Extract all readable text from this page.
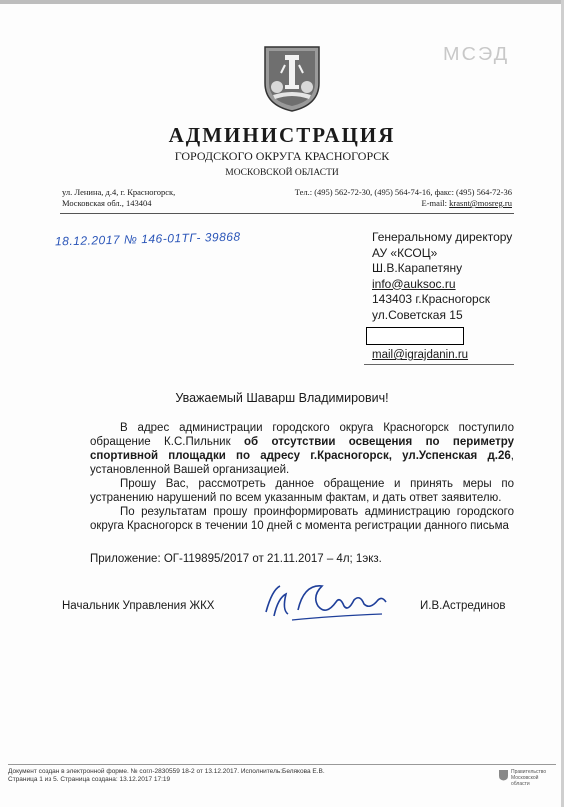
МСЭД
АДМИНИСТРАЦИЯ
ГОРОДСКОГО ОКРУГА КРАСНОГОРСК
МОСКОВСКОЙ ОБЛАСТИ
ул. Ленина, д.4, г. Красногорск,
Московская обл., 143404
Тел.: (495) 562-72-30, (495) 564-74-16, факс: (495) 564-72-36
E-mail: krasnt@mosreg.ru
18.12.2017 № 146-01ТГ- 39868	Генеральному директору
АУ «КСОЦ»
Ш.В.Карапетяну
info@auksoc.ru
143403 г.Красногорск
ул.Советская 15
mail@igrajdanin.ru
Уважаемый Шаварш Владимирович!

В адрес администрации городского округа Красногорск поступило обращение К.С.Пильник об отсутствии освещения по периметру спортивной площадки по адресу г.Красногорск, ул.Успенская д.26, установленной Вашей организацией.

Прошу Вас, рассмотреть данное обращение и принять меры по устранению нарушений по всем указанным фактам, и дать ответ заявителю.

По результатам прошу проинформировать администрацию городского округа Красногорск в течении 10 дней с момента регистрации данного письма

Приложение: ОГ-119895/2017 от 21.11.2017 – 4л; 1экз.
Начальник Управления ЖКХ	И.В.Астрединов
Документ создан в электронной форме. № согл-2830559 18-2 от 13.12.2017. Исполнитель:Белякова Е.В.
Страница 1 из 5. Страница создана: 13.12.2017 17:19
Правительство
Московской области
